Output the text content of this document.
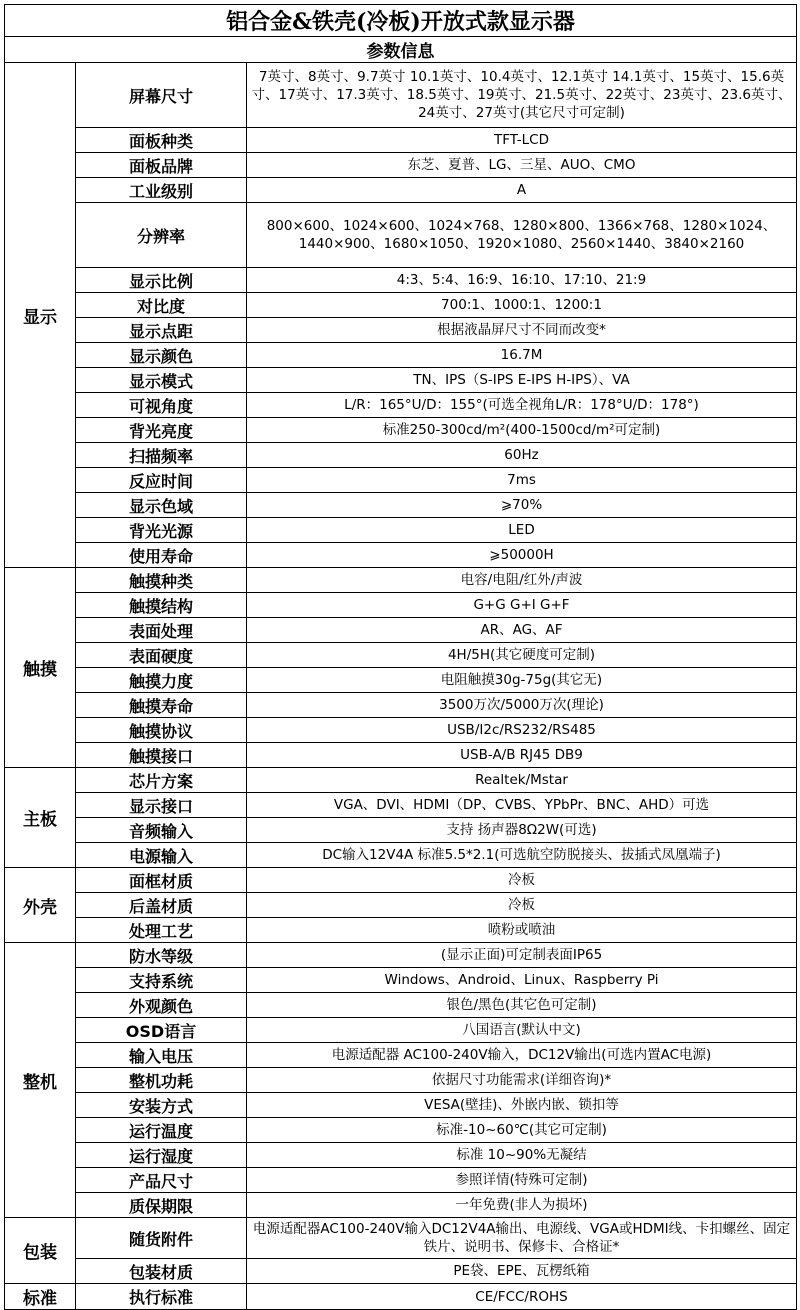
铝合金&铁壳(冷板)开放式款显示器		
参数信息		
显示	屏幕尺寸	7英寸、8英寸、9.7英寸 10.1英寸、10.4英寸、12.1英寸 14.1英寸、15英寸、15.6英寸、17英寸、17.3英寸、18.5英寸、19英寸、21.5英寸、22英寸、23英寸、23.6英寸、24英寸、27英寸(其它尺寸可定制)
	面板种类	TFT-LCD
	面板品牌	东芝、夏普、LG、三星、AUO、CMO
	工业级别	A
	分辨率	800×600、1024×600、1024×768、1280×800、1366×768、1280×1024、1440×900、1680×1050、1920×1080、2560×1440、3840×2160
	显示比例	4:3、5:4、16:9、16:10、17:10、21:9
	对比度	700:1、1000:1、1200:1
	显示点距	根据液晶屏尺寸不同而改变*
	显示颜色	16.7M
	显示模式	TN、IPS（S-IPS E-IPS H-IPS）、VA
	可视角度	L/R：165°U/D：155°(可选全视角L/R：178°U/D：178°)
	背光亮度	标准250-300cd/m²(400-1500cd/m²可定制)
	扫描频率	60Hz
	反应时间	7ms
	显示色域	⩾70%
	背光光源	LED
	使用寿命	⩾50000H
触摸	触摸种类	电容/电阻/红外/声波
	触摸结构	G+G G+I G+F
	表面处理	AR、AG、AF
	表面硬度	4H/5H(其它硬度可定制)
	触摸力度	电阻触摸30g-75g(其它无)
	触摸寿命	3500万次/5000万次(理论)
	触摸协议	USB/I2c/RS232/RS485
	触摸接口	USB-A/B RJ45 DB9
主板	芯片方案	Realtek/Mstar
	显示接口	VGA、DVI、HDMI（DP、CVBS、YPbPr、BNC、AHD）可选
	音频输入	支持 扬声器8Ω2W(可选)
	电源输入	DC输入12V4A 标准5.5*2.1(可选航空防脱接头、拔插式凤凰端子)
外壳	面框材质	冷板
	后盖材质	冷板
	处理工艺	喷粉或喷油
整机	防水等级	(显示正面)可定制表面IP65
	支持系统	Windows、Android、Linux、Raspberry Pi
	外观颜色	银色/黑色(其它色可定制)
	OSD语言	八国语言(默认中文)
	输入电压	电源适配器 AC100-240V输入，DC12V输出(可选内置AC电源)
	整机功耗	依据尺寸功能需求(详细咨询)*
	安装方式	VESA(壁挂)、外嵌内嵌、锁扣等
	运行温度	标准-10~60℃(其它可定制)
	运行湿度	标准 10~90%无凝结
	产品尺寸	参照详情(特殊可定制)
	质保期限	一年免费(非人为损坏)
包装	随货附件	电源适配器AC100-240V输入DC12V4A输出、电源线、VGA或HDMI线、卡扣螺丝、固定铁片、说明书、保修卡、合格证*
	包装材质	PE袋、EPE、瓦楞纸箱
标准	执行标准	CE/FCC/ROHS
